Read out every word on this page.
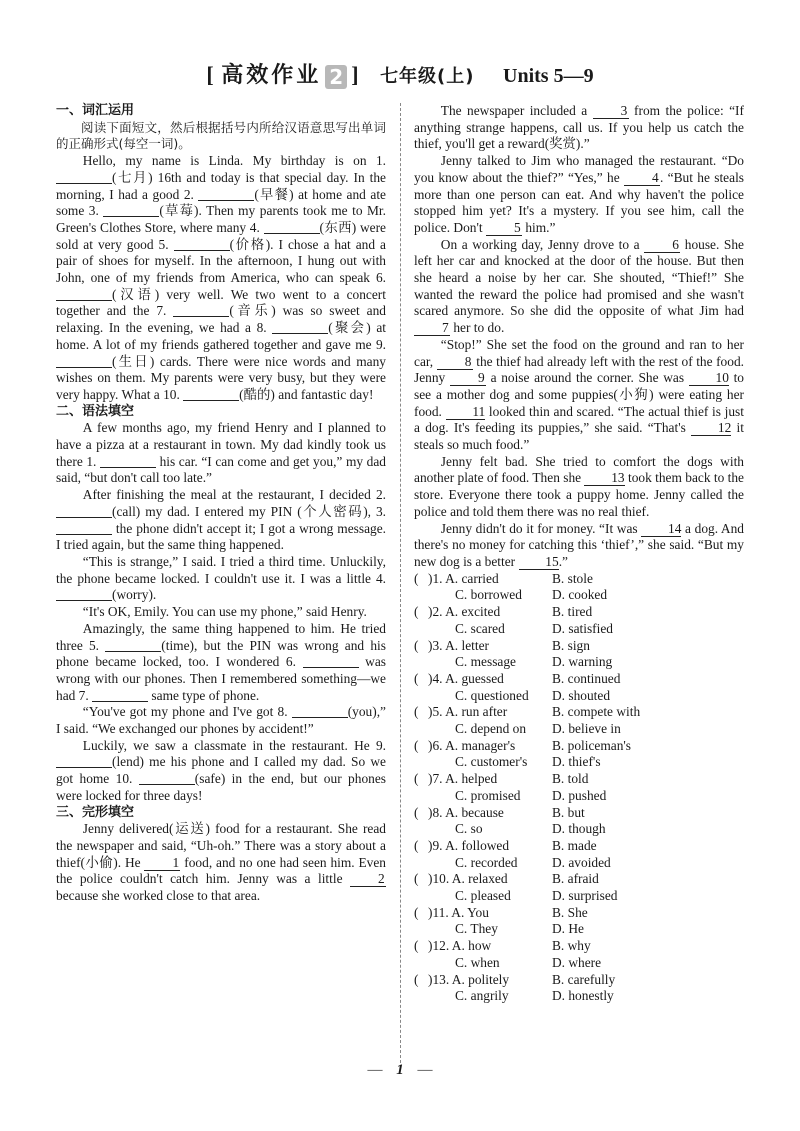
[ 高效作业 2 ] 七年级(上) Units 5—9
一、词汇运用

阅读下面短文，然后根据括号内所给汉语意思写出单词的正确形式(每空一词)。

Hello, my name is Linda. My birthday is on 1. (七月) 16th and today is that special day. In the morning, I had a good 2.	(早餐) at home and ate some 3.	(草莓). Then my parents took me to Mr. Green's Clothes Store, where many 4.	(东西) were sold at very good 5.	(价格). I chose a hat and a pair of shoes for myself. In the afternoon, I hung out with John, one of my friends from America, who can speak 6. (汉语) very well. We two went to a concert together and the 7.	(音乐) was so sweet and relaxing. In the evening, we had a 8.	(聚会) at home. A lot of my friends gathered together and gave me 9. (生日) cards. There were nice words and many wishes on them. My parents were very busy, but they were very happy. What a 10.	(酷的) and fantastic day!

二、语法填空

A few months ago, my friend Henry and I planned to have a pizza at a restaurant in town. My dad kindly took us there 1.	his car. “I can come and get you,” my dad said, “but don't call too late.”

After finishing the meal at the restaurant, I decided 2. (call) my dad. I entered my PIN (个人密码), 3.  the phone didn't accept it; I got a wrong message. I tried again, but the same thing happened.

“This is strange,” I said. I tried a third time. Unluckily, the phone became locked. I couldn't use it. I was a little 4. (worry).

“It's OK, Emily. You can use my phone,” said Henry.

Amazingly, the same thing happened to him. He tried three 5.	(time), but the PIN was wrong and his phone became locked, too. I wondered 6.	was wrong with our phones. Then I remembered something—we had 7.	same type of phone.

“You've got my phone and I've got 8.	(you),” I said. “We exchanged our phones by accident!”

Luckily, we saw a classmate in the restaurant. He 9. (lend) me his phone and I called my dad. So we got home 10.	(safe) in the end, but our phones were locked for three days!

三、完形填空

Jenny delivered(运送) food for a restaurant. She read the newspaper and said, “Uh-oh.” There was a story about a thief(小偷). He 1 food, and no one had seen him. Even the police couldn't catch him. Jenny was a little 2 because she worked close to that area.

The newspaper included a 3 from the police: “If anything strange happens, call us. If you help us catch the thief, you'll get a reward(奖赏).”

Jenny talked to Jim who managed the restaurant. “Do you know about the thief?” “Yes,” he 4. “But he steals more than one person can eat. And why haven't the police stopped him yet? It's a mystery. If you see him, call the police. Don't 5 him.”

On a working day, Jenny drove to a 6 house. She left her car and knocked at the door of the house. But then she heard a noise by her car. She shouted, “Thief!” She wanted the reward the police had promised and she wasn't scared anymore. So she did the opposite of what Jim had 7 her to do.

“Stop!” She set the food on the ground and ran to her car, 8 the thief had already left with the rest of the food. Jenny 9 a noise around the corner. She was 10 to see a mother dog and some puppies(小狗) were eating her food. 11 looked thin and scared. “The actual thief is just a dog. It's feeding its puppies,” she said. “That's 12 it steals so much food.”

Jenny felt bad. She tried to comfort the dogs with another plate of food. Then she 13 took them back to the store. Everyone there took a puppy home. Jenny called the police and told them there was no real thief.

Jenny didn't do it for money. “It was 14 a dog. And there's no money for catching this ‘thief’,” she said. “But my new dog is a better 15.”

( )1. A. carried	B. stole
C. borrowed	D. cooked
( )2. A. excited	B. tired
C. scared	D. satisfied
( )3. A. letter	B. sign
C. message	D. warning
( )4. A. guessed	B. continued
C. questioned	D. shouted
( )5. A. run after	B. compete with
C. depend on	D. believe in
( )6. A. manager's	B. policeman's
C. customer's	D. thief's
( )7. A. helped	B. told
C. promised	D. pushed
( )8. A. because	B. but
C. so	D. though
( )9. A. followed	B. made
C. recorded	D. avoided
( )10. A. relaxed	B. afraid
C. pleased	D. surprised
( )11. A. You	B. She
C. They	D. He
( )12. A. how	B. why
C. when	D. where
( )13. A. politely	B. carefully
C. angrily	D. honestly
— 1 —
